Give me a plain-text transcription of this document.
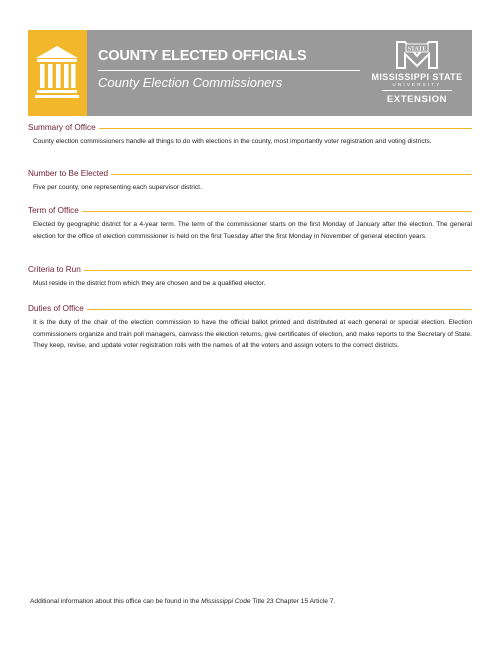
COUNTY ELECTED OFFICIALS
County Election Commissioners
STATE
MISSISSIPPI STATE
UNIVERSITY
EXTENSION
Summary of Office
County election commissioners handle all things to do with elections in the county, most importantly voter registration and voting districts.
Number to Be Elected
Five per county, one representing each supervisor district.
Term of Office
Elected by geographic district for a 4-year term. The term of the commissioner starts on the first Monday of January after the election. The general election for the office of election commissioner is held on the first Tuesday after the first Monday in November of general election years.
Criteria to Run
Must reside in the district from which they are chosen and be a qualified elector.
Duties of Office
It is the duty of the chair of the election commission to have the official ballot printed and distributed at each general or special election. Election commissioners organize and train poll managers, canvass the election returns, give certificates of election, and make reports to the Secretary of State. They keep, revise, and update voter registration rolls with the names of all the voters and assign voters to the correct districts.
Additional information about this office can be found in the Mississippi Code Title 23 Chapter 15 Article 7.
